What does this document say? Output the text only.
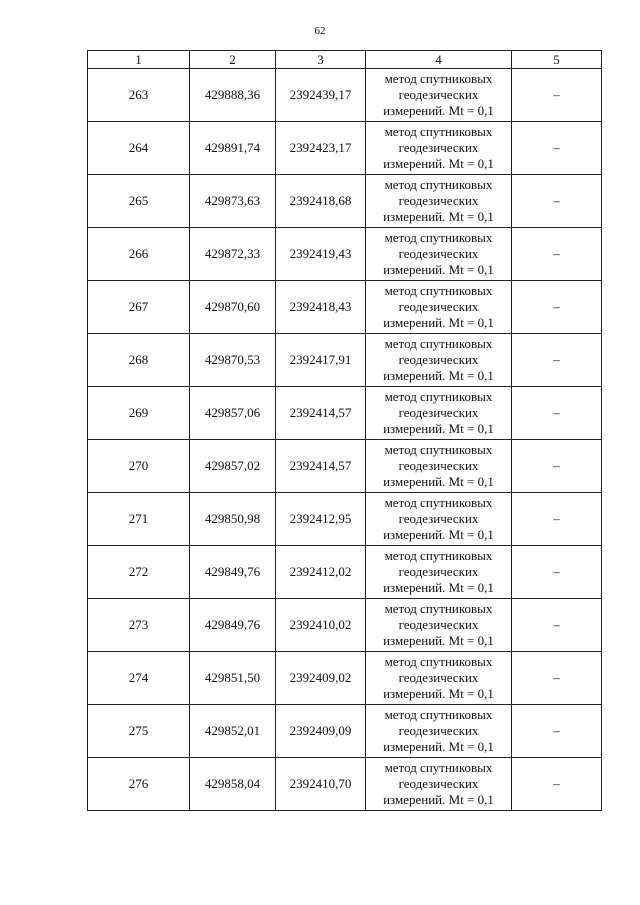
62
1	2	3	4	5
263	429888,36	2392439,17	метод спутниковых геодезических измерений. Mt = 0,1	–
264	429891,74	2392423,17	метод спутниковых геодезических измерений. Mt = 0,1	–
265	429873,63	2392418,68	метод спутниковых геодезических измерений. Mt = 0,1	–
266	429872,33	2392419,43	метод спутниковых геодезических измерений. Mt = 0,1	–
267	429870,60	2392418,43	метод спутниковых геодезических измерений. Mt = 0,1	–
268	429870,53	2392417,91	метод спутниковых геодезических измерений. Mt = 0,1	–
269	429857,06	2392414,57	метод спутниковых геодезических измерений. Mt = 0,1	–
270	429857,02	2392414,57	метод спутниковых геодезических измерений. Mt = 0,1	–
271	429850,98	2392412,95	метод спутниковых геодезических измерений. Mt = 0,1	–
272	429849,76	2392412,02	метод спутниковых геодезических измерений. Mt = 0,1	–
273	429849,76	2392410,02	метод спутниковых геодезических измерений. Mt = 0,1	–
274	429851,50	2392409,02	метод спутниковых геодезических измерений. Mt = 0,1	–
275	429852,01	2392409,09	метод спутниковых геодезических измерений. Mt = 0,1	–
276	429858,04	2392410,70	метод спутниковых геодезических измерений. Mt = 0,1	–
